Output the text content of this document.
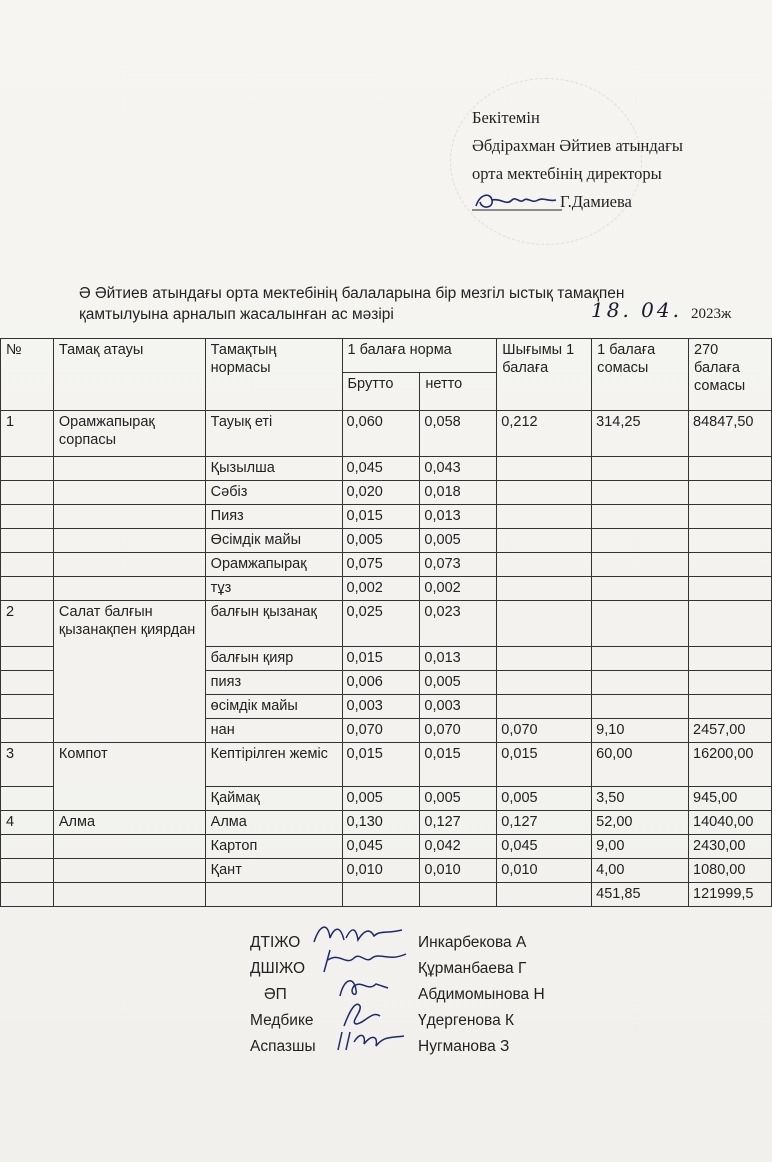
Бекітемін
Әбдірахман Әйтиев атындағы
орта мектебінің директоры
Г.Дамиева
Ә Әйтиев атындағы орта мектебінің балаларына бір мезгіл ыстық тамақпен
қамтылуына арналып жасалынған ас мәзірі	18. 04. 2023ж
№	Тамақ атауы	Тамақтың нормасы	1 балаға норма		Шығымы 1 балаға	1 балаға сомасы	270 балаға сомасы
			Брутто	нетто			
1	Орамжапырақ сорпасы	Тауық еті	0,060	0,058	0,212	314,25	84847,50
		Қызылша	0,045	0,043			
		Сәбіз	0,020	0,018			
		Пияз	0,015	0,013			
		Өсімдік майы	0,005	0,005			
		Орамжапырақ	0,075	0,073			
		тұз	0,002	0,002			
2	Салат балғын қызанақпен қиярдан	балғын қызанақ	0,025	0,023			
		балғын қияр	0,015	0,013			
		пияз	0,006	0,005			
		өсімдік майы	0,003	0,003			
		нан	0,070	0,070	0,070	9,10	2457,00
3	Компот	Кептірілген жеміс	0,015	0,015	0,015	60,00	16200,00
		Қаймақ	0,005	0,005	0,005	3,50	945,00
4	Алма	Алма	0,130	0,127	0,127	52,00	14040,00
		Картоп	0,045	0,042	0,045	9,00	2430,00
		Қант	0,010	0,010	0,010	4,00	1080,00
						451,85	121999,5
ДТІЖО	Инкарбекова А
ДШІЖО	Құрманбаева Г
ӘП	Абдимомынова Н
Медбике	Үдергенова К
Аспазшы	Нугманова З
